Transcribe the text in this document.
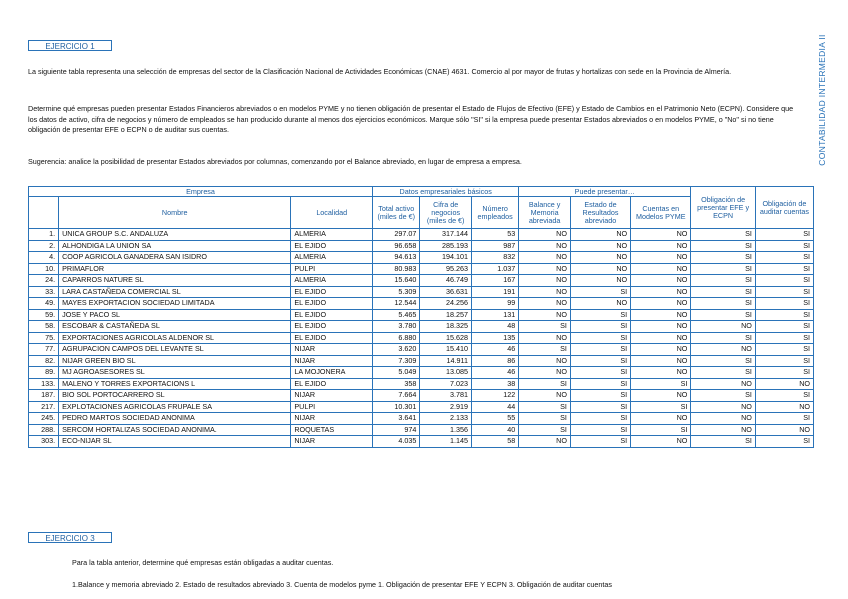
EJERCICIO 1	CONTABILIDAD INTERMEDIA II

La siguiente tabla representa una selección de empresas del sector de la Clasificación Nacional de Actividades Económicas (CNAE) 4631. Comercio al por mayor de frutas y hortalizas con sede en la Provincia de Almería.

Determine qué empresas pueden presentar Estados Financieros abreviados o en modelos PYME y no tienen obligación de presentar el Estado de Flujos de Efectivo (EFE) y Estado de Cambios en el Patrimonio Neto (ECPN). Considere que los datos de activo, cifra de negocios y número de empleados se han producido durante al menos dos ejercicios económicos. Marque sólo "SI" si la empresa puede presentar Estados abreviados o en modelos PYME, o "No" si no tiene obligación de presentar EFE o ECPN o de auditar sus cuentas.

Sugerencia: analice la posibilidad de presentar Estados abreviados por columnas, comenzando por el Balance abreviado, en lugar de empresa a empresa.

Empresa			Datos empresariales básicos			Puede presentar…			Obligación de presentar EFE y ECPN	Obligación de auditar cuentas
	Nombre	Localidad	Total activo (miles de €)	Cifra de negocios (miles de €)	Número empleados	Balance y Memoria abreviada	Estado de Resultados abreviado	Cuentas en Modelos PYME		
1.	UNICA GROUP S.C. ANDALUZA	ALMERIA	297.07	317.144	53	NO	NO	NO	SI	SI
2.	ALHONDIGA LA UNION SA	EL EJIDO	96.658	285.193	987	NO	NO	NO	SI	SI
4.	COOP AGRICOLA GANADERA SAN ISIDRO	ALMERIA	94.613	194.101	832	NO	NO	NO	SI	SI
10.	PRIMAFLOR	PULPI	80.983	95.263	1.037	NO	NO	NO	SI	SI
24.	CAPARROS NATURE SL	ALMERIA	15.640	46.749	167	NO	NO	NO	SI	SI
33.	LARA CASTAÑEDA COMERCIAL SL	EL EJIDO	5.309	36.631	191	NO	SI	NO	SI	SI
49.	MAYES EXPORTACION SOCIEDAD LIMITADA	EL EJIDO	12.544	24.256	99	NO	NO	NO	SI	SI
59.	JOSE Y PACO SL	EL EJIDO	5.465	18.257	131	NO	SI	NO	SI	SI
58.	ESCOBAR & CASTAÑEDA SL	EL EJIDO	3.780	18.325	48	SI	SI	NO	NO	SI
75.	EXPORTACIONES AGRICOLAS ALDENOR SL	EL EJIDO	6.880	15.628	135	NO	SI	NO	SI	SI
77.	AGRUPACION CAMPOS DEL LEVANTE SL	NIJAR	3.620	15.410	46	SI	SI	NO	NO	SI
82.	NIJAR GREEN BIO SL	NIJAR	7.309	14.911	86	NO	SI	NO	SI	SI
89.	MJ AGROASESORES SL	LA MOJONERA	5.049	13.085	46	NO	SI	NO	SI	SI
133.	MALENO Y TORRES EXPORTACIONS L	EL EJIDO	358	7.023	38	SI	SI	SI	NO	NO
187.	BIO SOL PORTOCARRERO SL	NIJAR	7.664	3.781	122	NO	SI	NO	SI	SI
217.	EXPLOTACIONES AGRICOLAS FRUPALE SA	PULPI	10.301	2.919	44	SI	SI	SI	NO	NO
245.	PEDRO MARTOS SOCIEDAD ANONIMA	NIJAR	3.641	2.133	55	SI	SI	NO	NO	SI
288.	SERCOM HORTALIZAS SOCIEDAD ANONIMA.	ROQUETAS	974	1.356	40	SI	SI	SI	NO	NO
303.	ECO-NIJAR SL	NIJAR	4.035	1.145	58	NO	SI	NO	SI	SI
EJERCICIO 3
Para la tabla anterior, determine qué empresas están obligadas a auditar cuentas.
1.Balance y memoria abreviado 2. Estado de resultados abreviado 3. Cuenta de modelos pyme 1. Obligación de presentar EFE Y ECPN 3. Obligación de auditar cuentas
